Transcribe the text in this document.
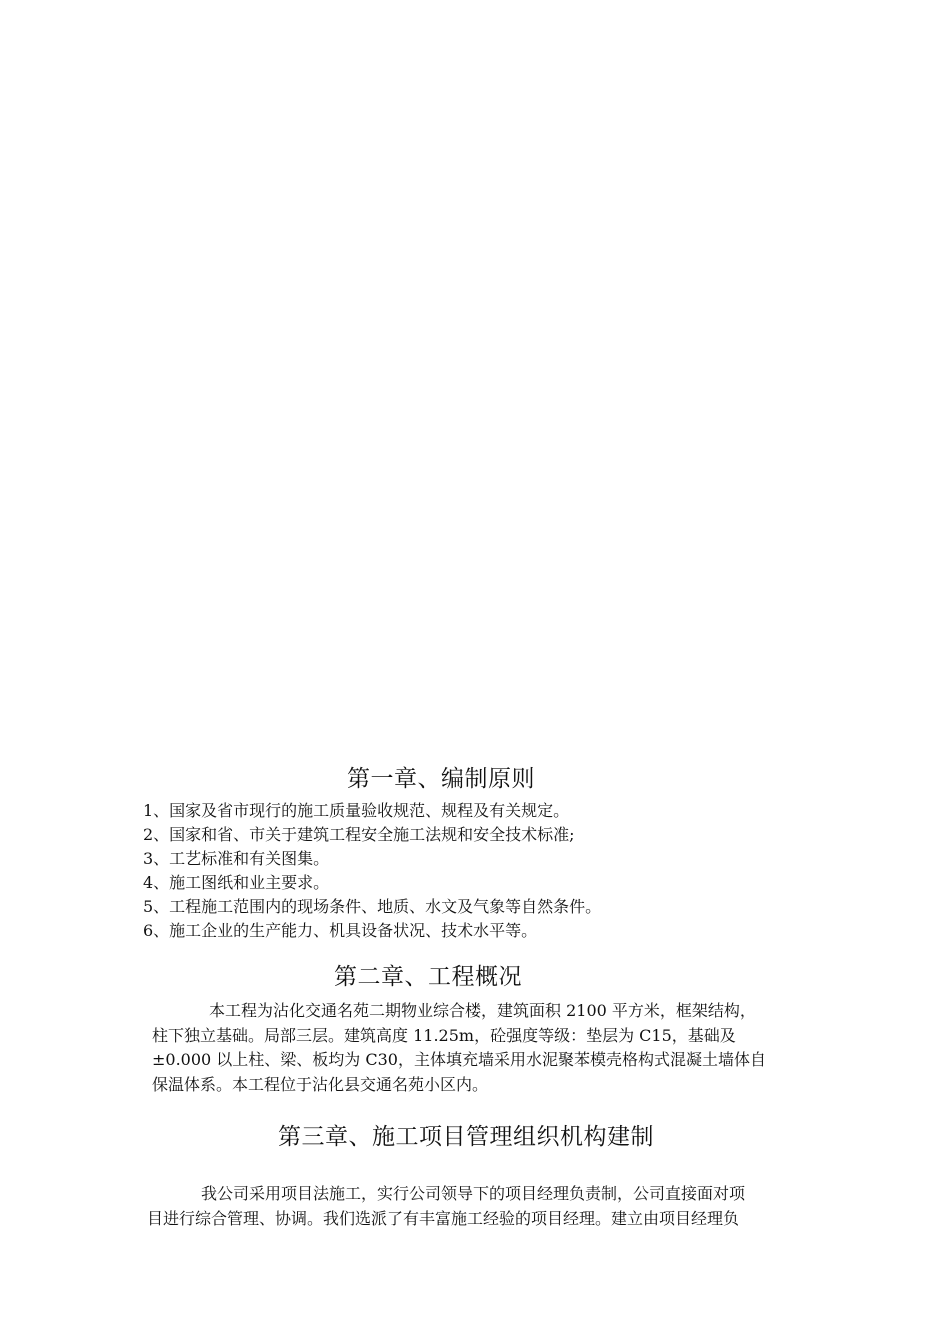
第一章、编制原则
1、国家及省市现行的施工质量验收规范、规程及有关规定。
2、国家和省、市关于建筑工程安全施工法规和安全技术标准;
3、工艺标准和有关图集。
4、施工图纸和业主要求。
5、工程施工范围内的现场条件、地质、水文及气象等自然条件。
6、施工企业的生产能力、机具设备状况、技术水平等。
第二章、工程概况

本工程为沾化交通名苑二期物业综合楼，建筑面积 2100 平方米，框架结构，
柱下独立基础。局部三层。建筑高度 11.25m，砼强度等级：垫层为 C15，基础及
±0.000 以上柱、梁、板均为 C30，主体填充墙采用水泥聚苯模壳格构式混凝土墙体自
保温体系。本工程位于沾化县交通名苑小区内。

第三章、施工项目管理组织机构建制

我公司采用项目法施工，实行公司领导下的项目经理负责制，公司直接面对项
目进行综合管理、协调。我们选派了有丰富施工经验的项目经理。建立由项目经理负
